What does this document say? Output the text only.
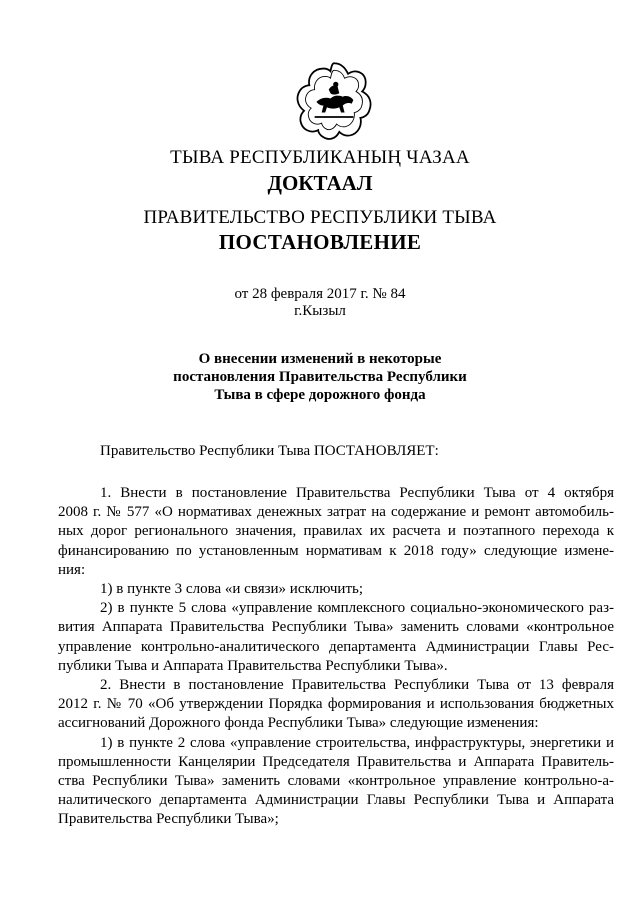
ТЫВА РЕСПУБЛИКАНЫҢ ЧАЗАА
ДОКТААЛ
ПРАВИТЕЛЬСТВО РЕСПУБЛИКИ ТЫВА
ПОСТАНОВЛЕНИЕ
от 28 февраля 2017 г. № 84
г.Кызыл
О внесении изменений в некоторые
постановления Правительства Республики
Тыва в сфере дорожного фонда
Правительство Республики Тыва ПОСТАНОВЛЯЕТ:
1. Внести в постановление Правительства Республики Тыва от 4 октября
2008 г. № 577 «О нормативах денежных затрат на содержание и ремонт автомобиль-
ных дорог регионального значения, правилах их расчета и поэтапного перехода к
финансированию по установленным нормативам к 2018 году» следующие измене-
ния:
1) в пункте 3 слова «и связи» исключить;
2) в пункте 5 слова «управление комплексного социально-экономического раз-
вития Аппарата Правительства Республики Тыва» заменить словами «контрольное
управление контрольно-аналитического департамента Администрации Главы Рес-
публики Тыва и Аппарата Правительства Республики Тыва».
2. Внести в постановление Правительства Республики Тыва от 13 февраля
2012 г. № 70 «Об утверждении Порядка формирования и использования бюджетных
ассигнований Дорожного фонда Республики Тыва» следующие изменения:
1) в пункте 2 слова «управление строительства, инфраструктуры, энергетики и
промышленности Канцелярии Председателя Правительства и Аппарата Правитель-
ства Республики Тыва» заменить словами «контрольное управление контрольно-а-
налитического департамента Администрации Главы Республики Тыва и Аппарата
Правительства Республики Тыва»;
